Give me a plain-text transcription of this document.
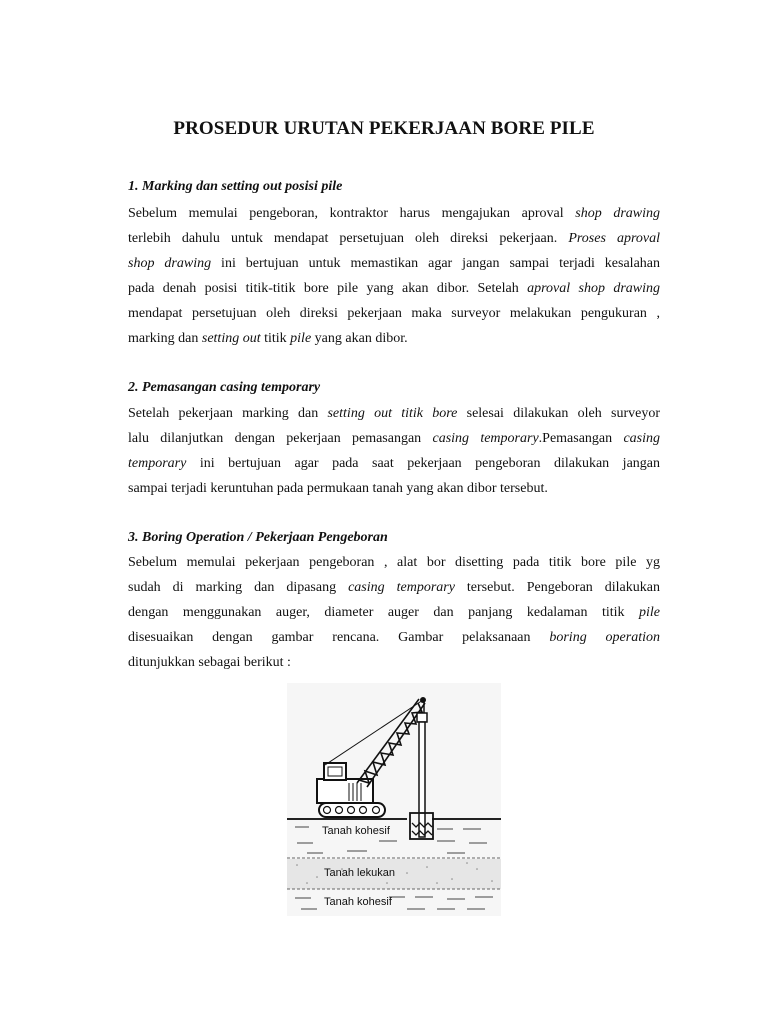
PROSEDUR URUTAN PEKERJAAN BORE PILE
1. Marking dan setting out posisi pile
Sebelum memulai pengeboran, kontraktor harus mengajukan aproval shop drawing
terlebih dahulu untuk mendapat persetujuan oleh direksi pekerjaan. Proses aproval
shop drawing ini bertujuan untuk memastikan agar jangan sampai terjadi kesalahan
pada denah posisi titik-titik bore pile yang akan dibor. Setelah aproval shop drawing
mendapat persetujuan oleh direksi pekerjaan maka surveyor melakukan pengukuran ,
marking dan setting out titik pile yang akan dibor.
2. Pemasangan casing temporary
Setelah pekerjaan marking dan setting out titik bore selesai dilakukan oleh surveyor
lalu dilanjutkan dengan pekerjaan pemasangan casing temporary.Pemasangan casing
temporary ini bertujuan agar pada saat pekerjaan pengeboran dilakukan jangan
sampai terjadi keruntuhan pada permukaan tanah yang akan dibor tersebut.
3. Boring Operation / Pekerjaan Pengeboran
Sebelum memulai pekerjaan pengeboran , alat bor disetting pada titik bore pile yg
sudah di marking dan dipasang casing temporary tersebut. Pengeboran dilakukan
dengan menggunakan auger, diameter auger dan panjang kedalaman titik pile
disesuaikan dengan gambar rencana. Gambar pelaksanaan boring operation
ditunjukkan sebagai berikut :
Tanah kohesif
Tanah lekukan
Tanah kohesif
